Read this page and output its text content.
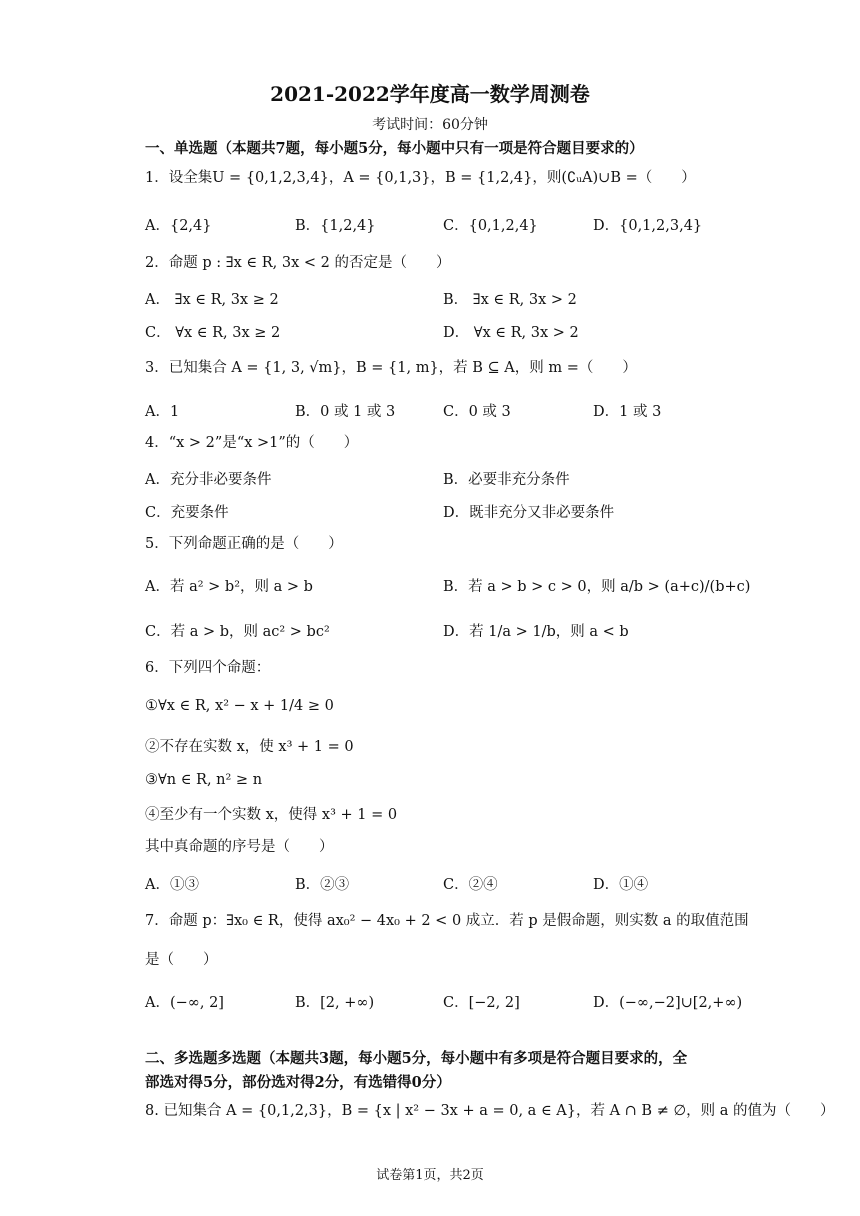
2021-2022学年度高一数学周测卷
考试时间：60分钟
一、单选题（本题共7题，每小题5分，每小题中只有一项是符合题目要求的）
1．设全集U = {0,1,2,3,4}，A = {0,1,3}，B = {1,2,4}，则(∁ᵤA)∪B =（　　）
A．{2,4}	B．{1,2,4}	C．{0,1,2,4}	D．{0,1,2,3,4}
2．命题 p : ∃x ∈ R, 3x < 2 的否定是（　　）
A． ∃x ∈ R, 3x ≥ 2	B． ∃x ∈ R, 3x > 2
C． ∀x ∈ R, 3x ≥ 2	D． ∀x ∈ R, 3x > 2
3．已知集合 A = {1, 3, √m}，B = {1, m}，若 B ⊆ A，则 m =（　　）
A．1	B．0 或 1 或 3	C．0 或 3	D．1 或 3
4．“x > 2”是“x >1”的（　　）
A．充分非必要条件	B．必要非充分条件
C．充要条件	D．既非充分又非必要条件
5．下列命题正确的是（　　）
A．若 a² > b²，则 a > b	B．若 a > b > c > 0，则 a/b > (a+c)/(b+c)
C．若 a > b，则 ac² > bc²	D．若 1/a > 1/b，则 a < b
6．下列四个命题：
①∀x ∈ R, x² − x + 1/4 ≥ 0
②不存在实数 x，使 x³ + 1 = 0
③∀n ∈ R, n² ≥ n
④至少有一个实数 x，使得 x³ + 1 = 0
其中真命题的序号是（　　）
A．①③	B．②③	C．②④	D．①④
7．命题 p：∃x₀ ∈ R，使得 ax₀² − 4x₀ + 2 < 0 成立．若 p 是假命题，则实数 a 的取值范围
是（　　）
A．(−∞, 2]	B．[2, +∞)	C．[−2, 2]	D．(−∞,−2]∪[2,+∞)
二、多选题多选题（本题共3题，每小题5分，每小题中有多项是符合题目要求的，全
部选对得5分，部份选对得2分，有选错得0分）
8. 已知集合 A = {0,1,2,3}，B = {x | x² − 3x + a = 0, a ∈ A}，若 A ∩ B ≠ ∅，则 a 的值为（　　）
试卷第1页，共2页
